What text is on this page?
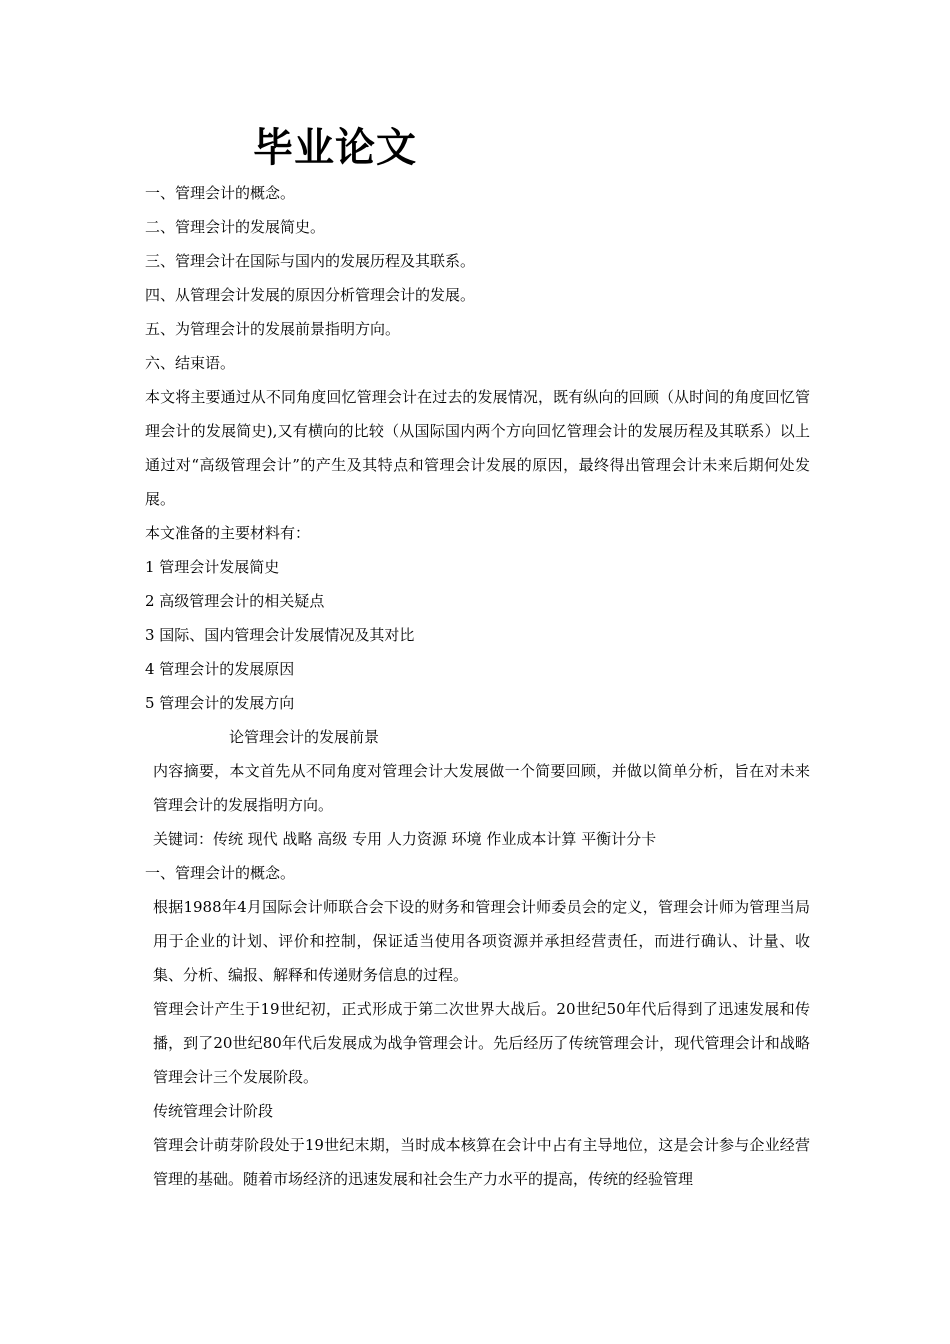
毕业论文

一、管理会计的概念。

二、管理会计的发展简史。

三、管理会计在国际与国内的发展历程及其联系。

四、从管理会计发展的原因分析管理会计的发展。

五、为管理会计的发展前景指明方向。

六、结束语。

本文将主要通过从不同角度回忆管理会计在过去的发展情况，既有纵向的回顾（从时间的角度回忆管理会计的发展简史),又有横向的比较（从国际国内两个方向回忆管理会计的发展历程及其联系）以上通过对“高级管理会计”的产生及其特点和管理会计发展的原因，最终得出管理会计未来后期何处发展。

本文准备的主要材料有：

1 管理会计发展简史

2 高级管理会计的相关疑点

3 国际、国内管理会计发展情况及其对比

4 管理会计的发展原因

5 管理会计的发展方向

论管理会计的发展前景

内容摘要，本文首先从不同角度对管理会计大发展做一个简要回顾，并做以简单分析，旨在对未来管理会计的发展指明方向。

关键词：传统 现代 战略 高级 专用 人力资源 环境 作业成本计算 平衡计分卡

一、管理会计的概念。

根据1988年4月国际会计师联合会下设的财务和管理会计师委员会的定义，管理会计师为管理当局用于企业的计划、评价和控制，保证适当使用各项资源并承担经营责任，而进行确认、计量、收集、分析、编报、解释和传递财务信息的过程。

管理会计产生于19世纪初，正式形成于第二次世界大战后。20世纪50年代后得到了迅速发展和传播，到了20世纪80年代后发展成为战争管理会计。先后经历了传统管理会计，现代管理会计和战略管理会计三个发展阶段。

传统管理会计阶段

管理会计萌芽阶段处于19世纪末期，当时成本核算在会计中占有主导地位，这是会计参与企业经营管理的基础。随着市场经济的迅速发展和社会生产力水平的提高，传统的经验管理
